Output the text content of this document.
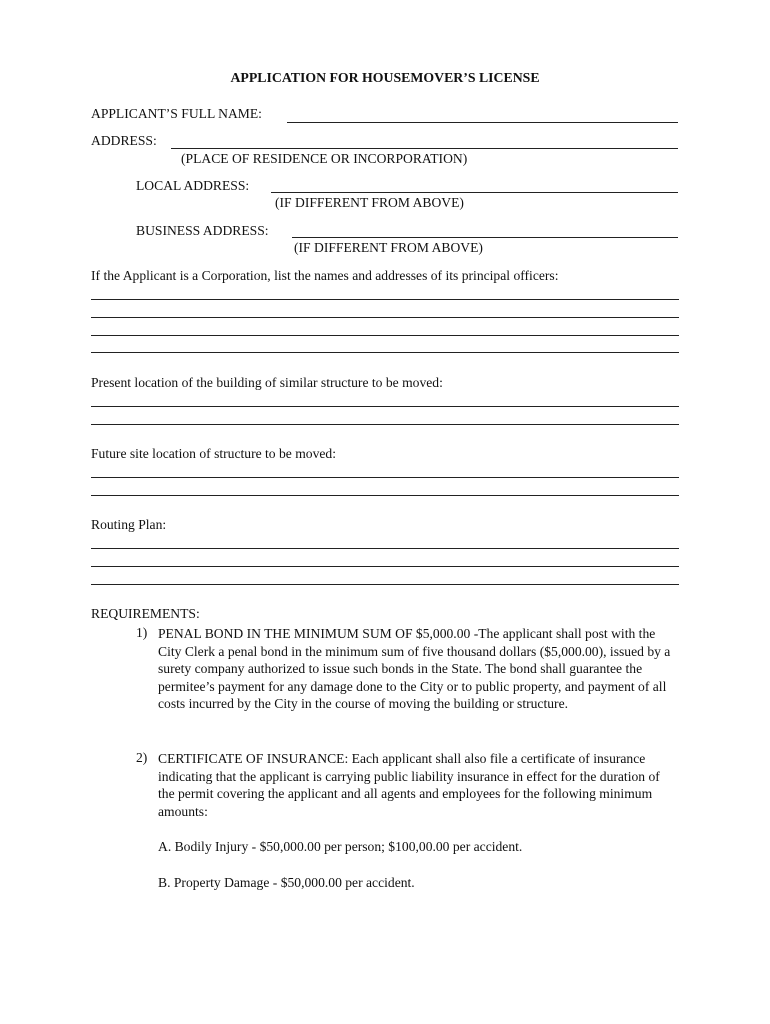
APPLICATION FOR HOUSEMOVER’S LICENSE
APPLICANT’S FULL NAME:
ADDRESS:
(PLACE OF RESIDENCE OR INCORPORATION)
LOCAL ADDRESS:
(IF DIFFERENT FROM ABOVE)
BUSINESS ADDRESS:
(IF DIFFERENT FROM ABOVE)
If the Applicant is a Corporation, list the names and addresses of its principal officers:
Present location of the building of similar structure to be moved:
Future site location of structure to be moved:
Routing Plan:
REQUIREMENTS:
1) PENAL BOND IN THE MINIMUM SUM OF $5,000.00 -The applicant shall post with the City Clerk a penal bond in the minimum sum of five thousand dollars ($5,000.00), issued by a surety company authorized to issue such bonds in the State. The bond shall guarantee the permitee’s payment for any damage done to the City or to public property, and payment of all costs incurred by the City in the course of moving the building or structure.
2) CERTIFICATE OF INSURANCE: Each applicant shall also file a certificate of insurance indicating that the applicant is carrying public liability insurance in effect for the duration of the permit covering the applicant and all agents and employees for the following minimum amounts:
A. Bodily Injury - $50,000.00 per person; $100,00.00 per accident.
B. Property Damage - $50,000.00 per accident.
